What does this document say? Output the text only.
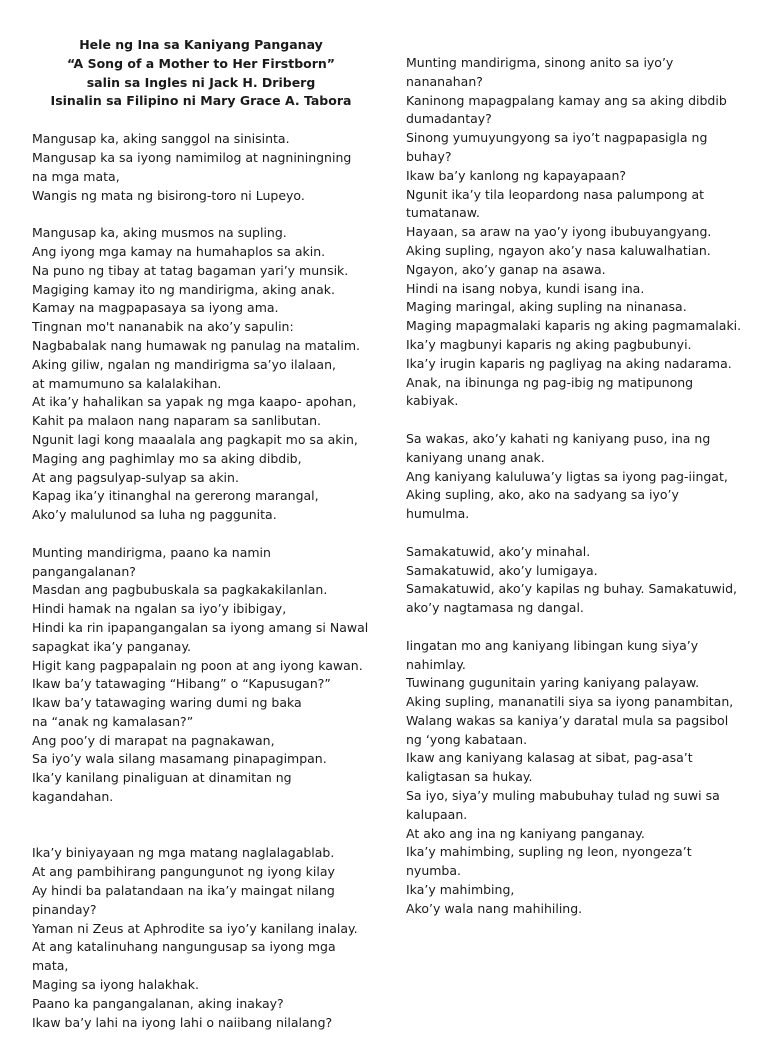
Hele ng Ina sa Kaniyang Panganay
“A Song of a Mother to Her Firstborn”
salin sa Ingles ni Jack H. Driberg
Isinalin sa Filipino ni Mary Grace A. Tabora
Mangusap ka, aking sanggol na sinisinta.
Mangusap ka sa iyong namimilog at nagniningning na mga mata,
Wangis ng mata ng bisirong-toro ni Lupeyo.
Mangusap ka, aking musmos na supling.
Ang iyong mga kamay na humahaplos sa akin.
Na puno ng tibay at tatag bagaman yari’y munsik.
Magiging kamay ito ng mandirigma, aking anak.
Kamay na magpapasaya sa iyong ama.
Tingnan mo't nananabik na ako’y sapulin:
Nagbabalak nang humawak ng panulag na matalim.
Aking giliw, ngalan ng mandirigma sa’yo ilalaan,
at mamumuno sa kalalakihan.
At ika’y hahalikan sa yapak ng mga kaapo- apohan,
Kahit pa malaon nang naparam sa sanlibutan.
Ngunit lagi kong maaalala ang pagkapit mo sa akin,
Maging ang paghimlay mo sa aking dibdib,
At ang pagsulyap-sulyap sa akin.
Kapag ika’y itinanghal na gererong marangal,
Ako’y malulunod sa luha ng paggunita.
Munting mandirigma, paano ka namin pangangalanan?
Masdan ang pagbubuskala sa pagkakakilanlan.
Hindi hamak na ngalan sa iyo’y ibibigay,
Hindi ka rin ipapangangalan sa iyong amang si Nawal sapagkat ika’y panganay.
Higit kang pagpapalain ng poon at ang iyong kawan.
Ikaw ba’y tatawaging “Hibang” o “Kapusugan?”
Ikaw ba’y tatawaging waring dumi ng baka
na “anak ng kamalasan?”
Ang poo’y di marapat na pagnakawan,
Sa iyo’y wala silang masamang pinapagimpan.
Ika’y kanilang pinaliguan at dinamitan ng kagandahan.
Ika’y biniyayaan ng mga matang naglalagablab.
At ang pambihirang pangungunot ng iyong kilay
Ay hindi ba palatandaan na ika’y maingat nilang pinanday?
Yaman ni Zeus at Aphrodite sa iyo’y kanilang inalay.
At ang katalinuhang nangungusap sa iyong mga mata,
Maging sa iyong halakhak.
Paano ka pangangalanan, aking inakay?
Ikaw ba’y lahi na iyong lahi o naiibang nilalang?
Munting mandirigma, sinong anito sa iyo’y nananahan?
Kaninong mapagpalang kamay ang sa aking dibdib dumadantay?
Sinong yumuyungyong sa iyo’t nagpapasigla ng buhay?
Ikaw ba’y kanlong ng kapayapaan?
Ngunit ika’y tila leopardong nasa palumpong at tumatanaw.
Hayaan, sa araw na yao’y iyong ibubuyangyang.
Aking supling, ngayon ako’y nasa kaluwalhatian.
Ngayon, ako’y ganap na asawa.
Hindi na isang nobya, kundi isang ina.
Maging maringal, aking supling na ninanasa.
Maging mapagmalaki kaparis ng aking pagmamalaki.
Ika’y magbunyi kaparis ng aking pagbubunyi.
Ika’y irugin kaparis ng pagliyag na aking nadarama.
Anak, na ibinunga ng pag-ibig ng matipunong kabiyak.
Sa wakas, ako’y kahati ng kaniyang puso, ina ng kaniyang unang anak.
Ang kaniyang kaluluwa’y ligtas sa iyong pag-iingat,
Aking supling, ako, ako na sadyang sa iyo’y humulma.
Samakatuwid, ako’y minahal.
Samakatuwid, ako’y lumigaya.
Samakatuwid, ako’y kapilas ng buhay. Samakatuwid, ako’y nagtamasa ng dangal.
Iingatan mo ang kaniyang libingan kung siya’y nahimlay.
Tuwinang gugunitain yaring kaniyang palayaw.
Aking supling, mananatili siya sa iyong panambitan,
Walang wakas sa kaniya’y daratal mula sa pagsibol ng ‘yong kabataan.
Ikaw ang kaniyang kalasag at sibat, pag-asa’t kaligtasan sa hukay.
Sa iyo, siya’y muling mabubuhay tulad ng suwi sa kalupaan.
At ako ang ina ng kaniyang panganay.
Ika’y mahimbing, supling ng leon, nyongeza’t nyumba.
Ika’y mahimbing,
Ako’y wala nang mahihiling.
